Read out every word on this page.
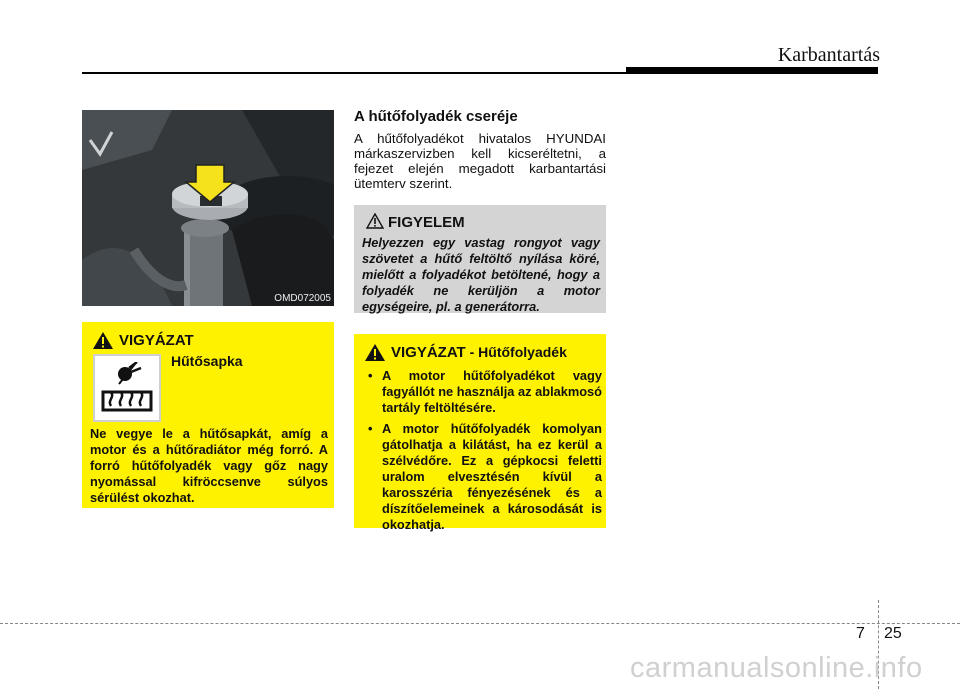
Karbantartás
OMD072005
A hűtőfolyadék cseréje

A hűtőfolyadékot hivatalos HYUNDAI márkaszervizben kell kicseréltetni, a fejezet elején megadott karbantartási ütemterv szerint.

FIGYELEM
Helyezzen egy vastag rongyot vagy szövetet a hűtő feltöltő nyílása köré, mielőtt a folyadékot betöltené, hogy a folyadék ne kerüljön a motor egységeire, pl. a generátorra.
VIGYÁZAT
Hűtősapka
Ne vegye le a hűtősapkát, amíg a motor és a hűtőradiátor még forró. A forró hűtőfolyadék vagy gőz nagy nyomással kifröccsenve súlyos sérülést okozhat.
VIGYÁZAT - Hűtőfolyadék
• A motor hűtőfolyadékot vagy fagyállót ne használja az ablakmosó tartály feltöltésére.
• A motor hűtőfolyadék komolyan gátolhatja a kilátást, ha ez kerül a szélvédőre. Ez a gépkocsi feletti uralom elvesztésén kívül a karosszéria fényezésének és a díszítőelemeinek a károsodását is okozhatja.
7 25
carmanualsonline.info
